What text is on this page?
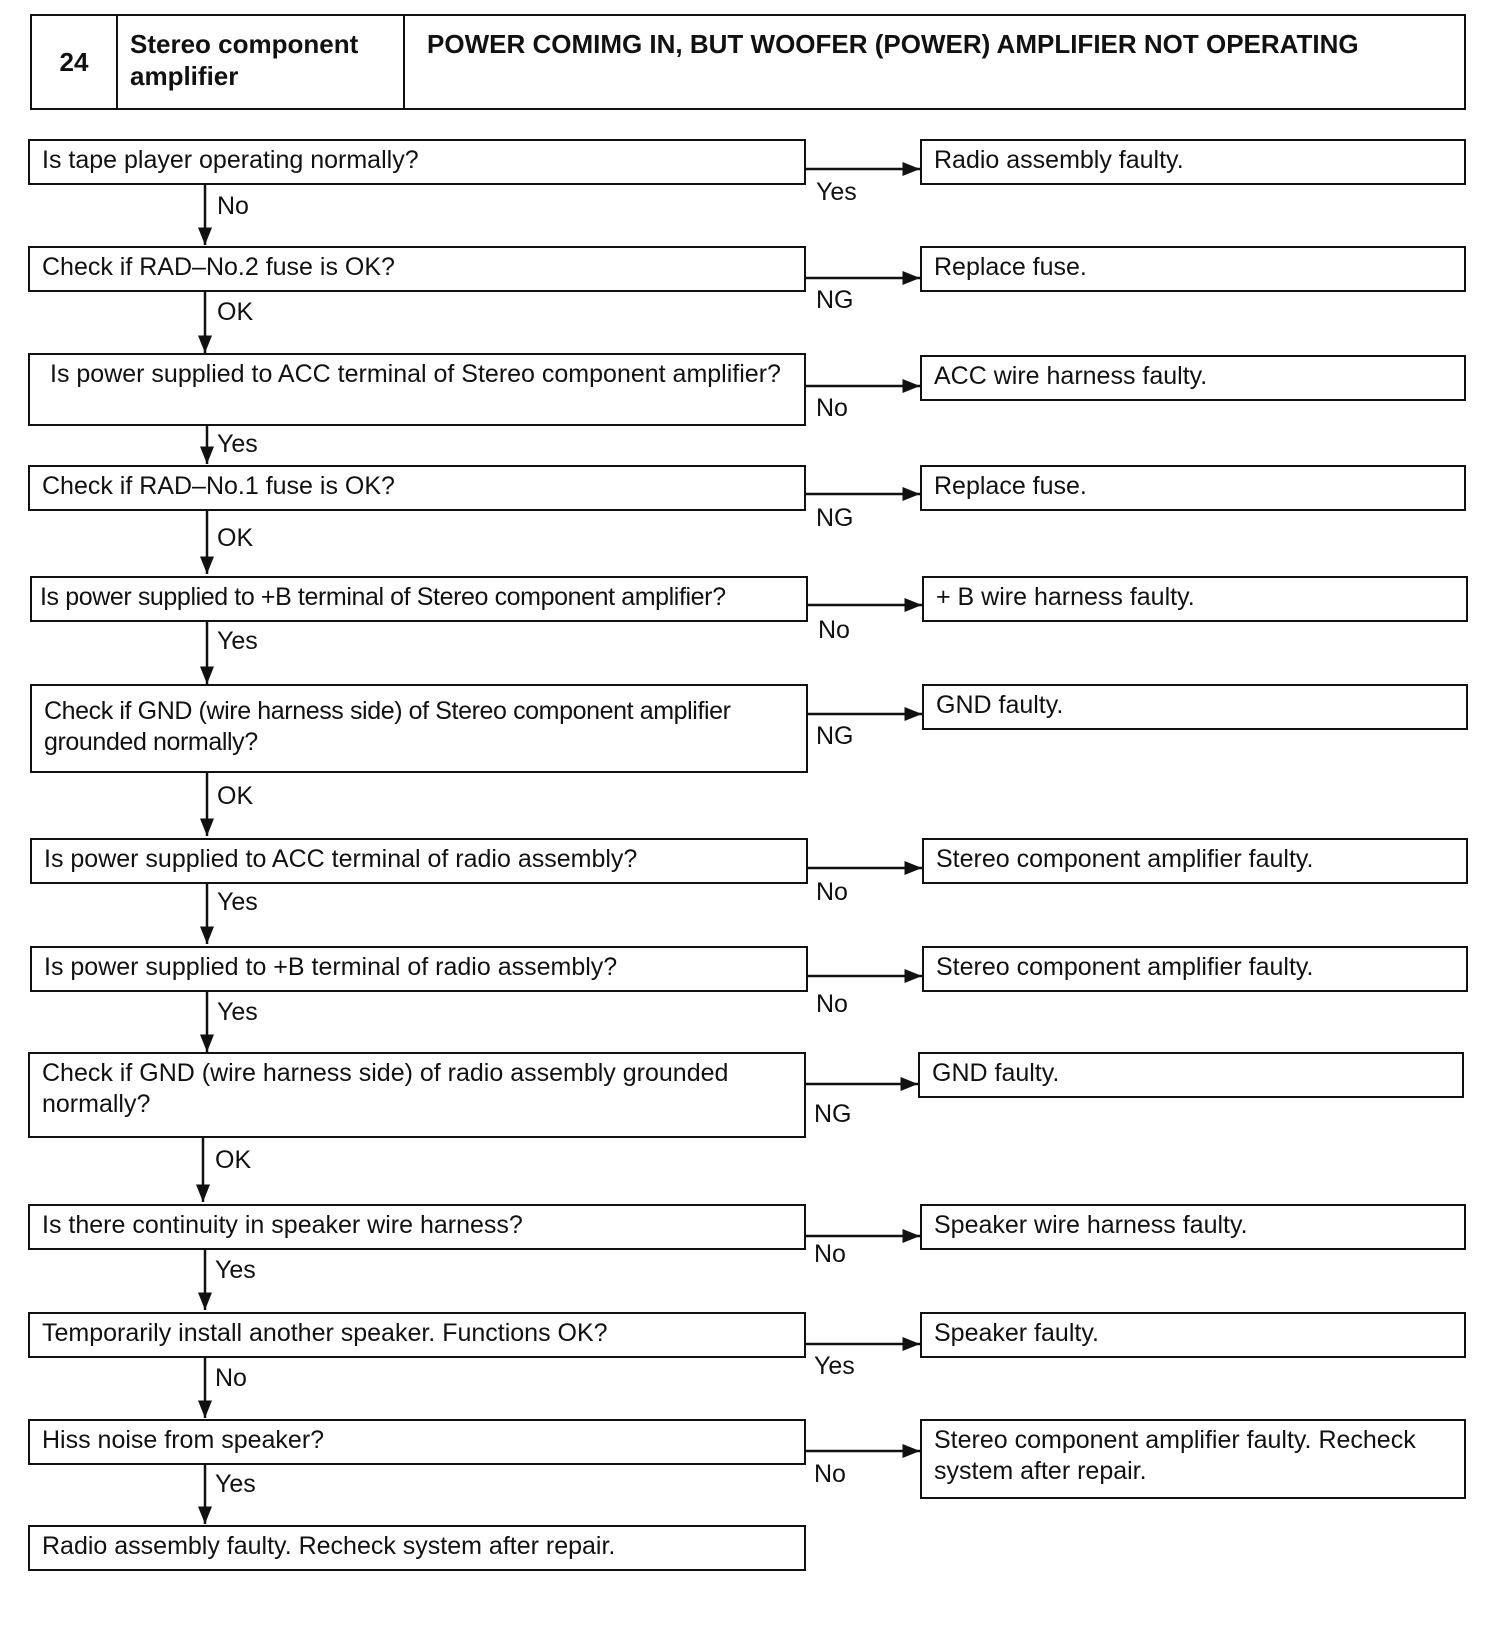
24
Stereo component amplifier
POWER COMIMG IN, BUT WOOFER (POWER) AMPLIFIER NOT OPERATING
Is tape player operating normally?	Radio assembly faulty.
Yes
No
Check if RAD–No.2 fuse is OK?	Replace fuse.
NG
OK
Is power supplied to ACC terminal of Stereo component amplifier?	ACC wire harness faulty.
No
Yes
Check if RAD–No.1 fuse is OK?	Replace fuse.
NG
OK
Is power supplied to +B terminal of Stereo component amplifier?	+ B wire harness faulty.
No
Yes
Check if GND (wire harness side) of Stereo component amplifier grounded normally?
GND faulty.
NG
OK
Is power supplied to ACC terminal of radio assembly?	Stereo component amplifier faulty.
No
Yes
Is power supplied to +B terminal of radio assembly?	Stereo component amplifier faulty.
No
Yes
Check if GND (wire harness side) of radio assembly grounded normally?
GND faulty.
NG
OK
Is there continuity in speaker wire harness?	Speaker wire harness faulty.
No
Yes
Temporarily install another speaker. Functions OK?	Speaker faulty.
Yes
No
Hiss noise from speaker?	Stereo component amplifier faulty. Recheck system after repair.
No
Yes
Radio assembly faulty. Recheck system after repair.
